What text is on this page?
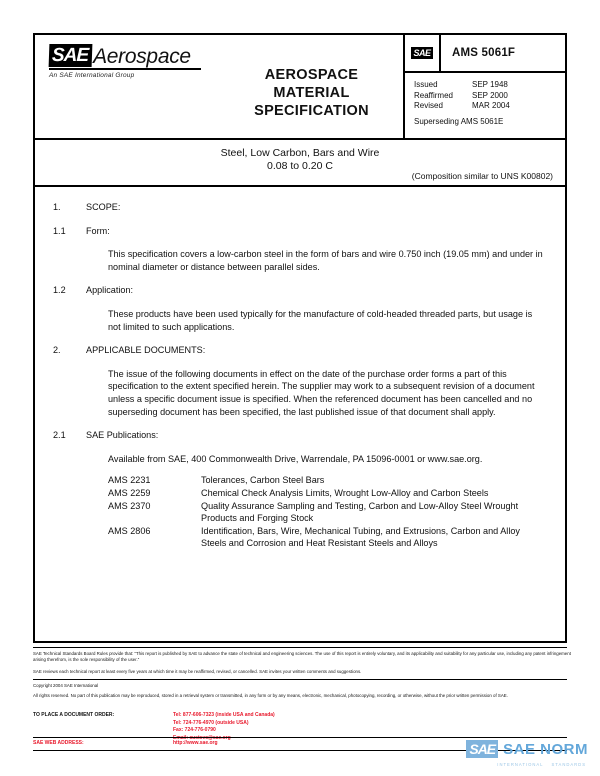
SAE Aerospace
An SAE International Group	AEROSPACE
MATERIAL
SPECIFICATION
SAE	AMS 5061F
Issued	SEP 1948
Reaffirmed	SEP 2000
Revised	MAR 2004
Superseding AMS 5061E
Steel, Low Carbon, Bars and Wire
0.08 to 0.20 C
(Composition similar to UNS K00802)
1.	SCOPE:
1.1	Form:

This specification covers a low-carbon steel in the form of bars and wire 0.750 inch (19.05 mm) and under in nominal diameter or distance between parallel sides.

1.2	Application:

These products have been used typically for the manufacture of cold-headed threaded parts, but usage is not limited to such applications.

2.	APPLICABLE DOCUMENTS:

The issue of the following documents in effect on the date of the purchase order forms a part of this specification to the extent specified herein. The supplier may work to a subsequent revision of a document unless a specific document issue is specified. When the referenced document has been cancelled and no superseding document has been specified, the last published issue of that document shall apply.

2.1	SAE Publications:

Available from SAE, 400 Commonwealth Drive, Warrendale, PA 15096-0001 or www.sae.org.

AMS 2231	Tolerances, Carbon Steel Bars
AMS 2259	Chemical Check Analysis Limits, Wrought Low-Alloy and Carbon Steels
AMS 2370	Quality Assurance Sampling and Testing, Carbon and Low-Alloy Steel Wrought Products and Forging Stock
AMS 2806	Identification, Bars, Wire, Mechanical Tubing, and Extrusions, Carbon and Alloy Steels and Corrosion and Heat Resistant Steels and Alloys

SAE Technical Standards Board Rules provide that: “This report is published by SAE to advance the state of technical and engineering sciences. The use of this report is entirely voluntary, and its applicability and suitability for any particular use, including any patent infringement arising therefrom, is the sole responsibility of the user.”

SAE reviews each technical report at least every five years at which time it may be reaffirmed, revised, or cancelled. SAE invites your written comments and suggestions.

Copyright 2004 SAE International

All rights reserved. No part of this publication may be reproduced, stored in a retrieval system or transmitted, in any form or by any means, electronic, mechanical, photocopying, recording, or otherwise, without the prior written permission of SAE.

TO PLACE A DOCUMENT ORDER:	Tel: 877-606-7323 (inside USA and Canada)
Tel: 724-776-4970 (outside USA)
Fax: 724-776-0790
SAE WEB ADDRESS:	http://www.sae.org	SAE SAE NORM
INTERNATIONAL STANDARDS
